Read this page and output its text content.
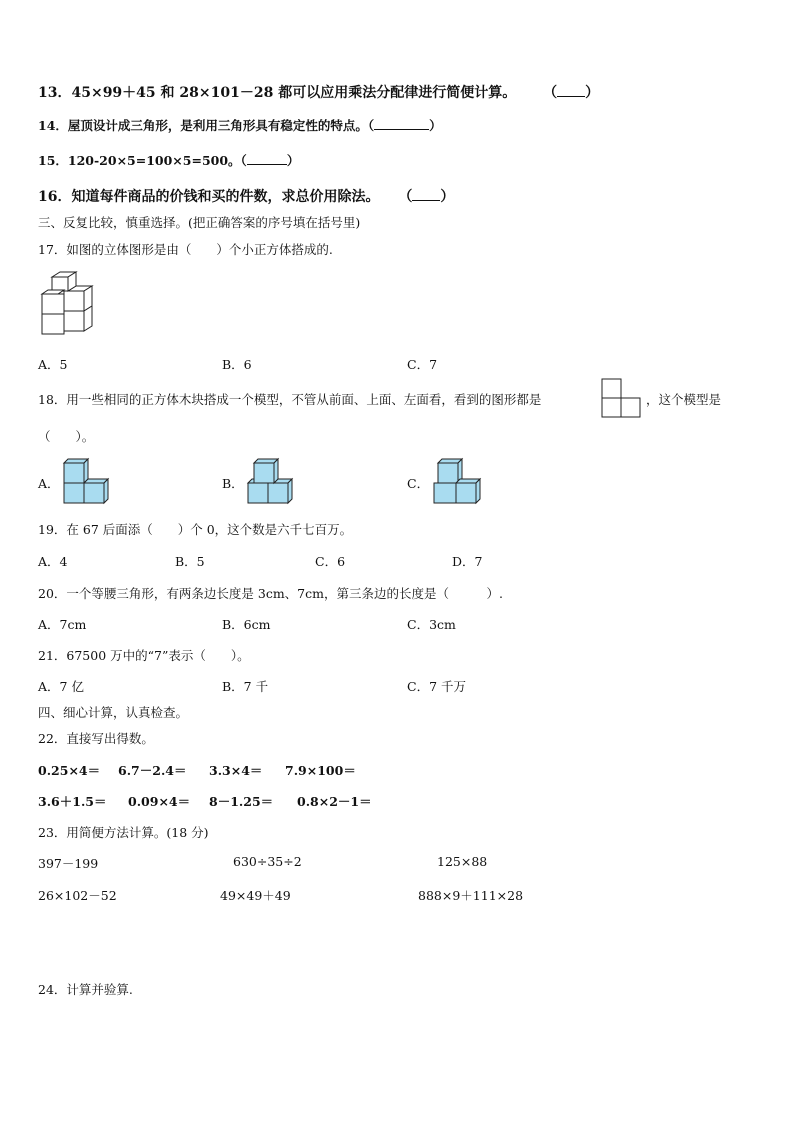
13．45×99＋45 和 28×101－28 都可以应用乘法分配律进行简便计算。 （ ）
14．屋顶设计成三角形，是利用三角形具有稳定性的特点。（	）
15．120-20×5=100×5=500。（	）
16．知道每件商品的价钱和买的件数，求总价用除法。 （ ）
三、反复比较，慎重选择。(把正确答案的序号填在括号里)
17．如图的立体图形是由（　　）个小正方体搭成的.
A．5	B．6	C．7
18．用一些相同的正方体木块搭成一个模型，不管从前面、上面、左面看，看到的图形都是	，这个模型是
（　　）。
A．	B．	C．
19．在 67 后面添（　　）个 0，这个数是六千七百万。
A．4	B．5	C．6	D．7
20．一个等腰三角形，有两条边长度是 3cm、7cm，第三条边的长度是（　　　）.
A．7cm	B．6cm	C．3cm
21．67500 万中的“7”表示（　　）。
A．7 亿	B．7 千	C．7 千万
四、细心计算，认真检查。
22．直接写出得数。
0.25×4＝ 6.7－2.4＝ 3.3×4＝ 7.9×100＝
3.6＋1.5＝ 0.09×4＝ 8－1.25＝ 0.8×2－1＝
23．用简便方法计算。(18 分)
397－199	630÷35÷2	125×88
26×102－52	49×49＋49	888×9＋111×28
24．计算并验算.
